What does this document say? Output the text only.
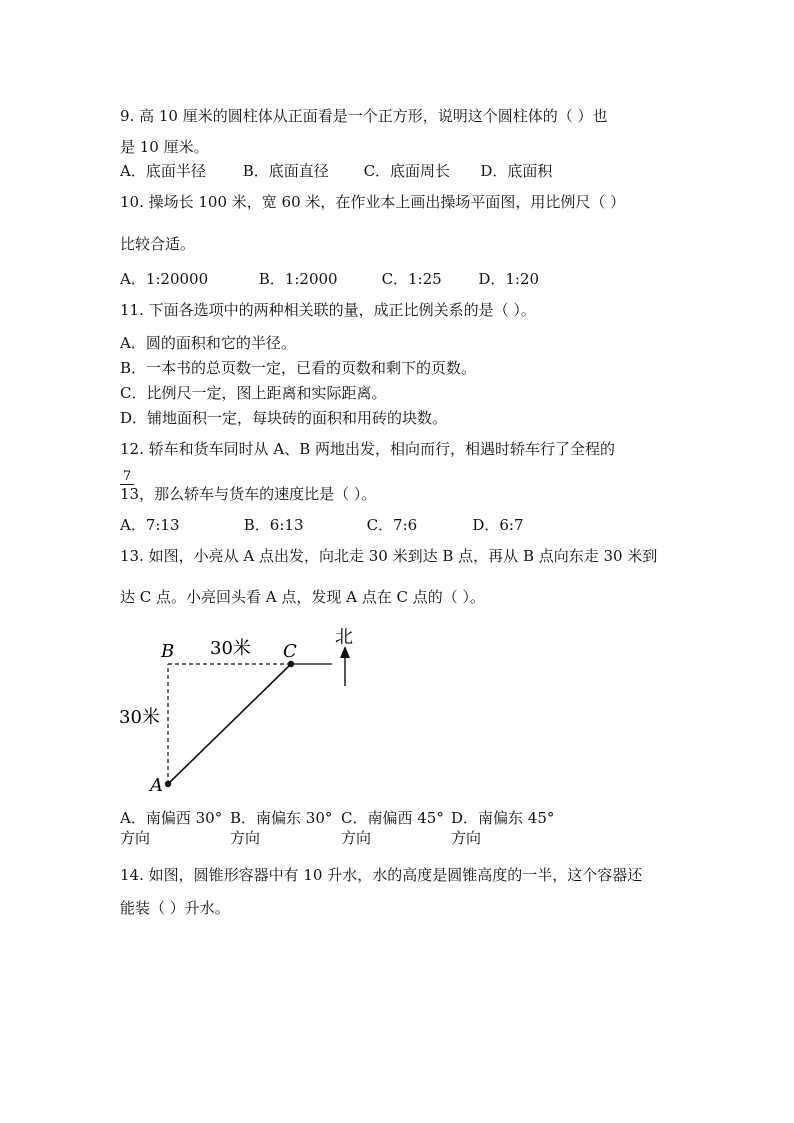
9. 高 10 厘米的圆柱体从正面看是一个正方形，说明这个圆柱体的（ ）也
是 10 厘米。
A．底面半径 B．底面直径 C．底面周长 D．底面积
10. 操场长 100 米，宽 60 米，在作业本上画出操场平面图，用比例尺（ ）
比较合适。
A．1:20000	B．1:2000	C．1:25 D．1:20
11. 下面各选项中的两种相关联的量，成正比例关系的是（ ）。
A．圆的面积和它的半径。
B．一本书的总页数一定，已看的页数和剩下的页数。
C．比例尺一定，图上距离和实际距离。
D．铺地面积一定，每块砖的面积和用砖的块数。
12. 轿车和货车同时从 A、B 两地出发，相向而行，相遇时轿车行了全程的
7
13，那么轿车与货车的速度比是（ ）。
A．7:13	B．6:13	C．7:6	D．6:7
13. 如图，小亮从 A 点出发，向北走 30 米到达 B 点，再从 B 点向东走 30 米到
达 C 点。小亮回头看 A 点，发现 A 点在 C 点的（ ）。
A
B	C
北
30米
30米
A．南偏西 30°
方向
B．南偏东 30°
方向
C．南偏西 45°
方向
D．南偏东 45°
方向
14. 如图，圆锥形容器中有 10 升水，水的高度是圆锥高度的一半，这个容器还
能装（ ）升水。
